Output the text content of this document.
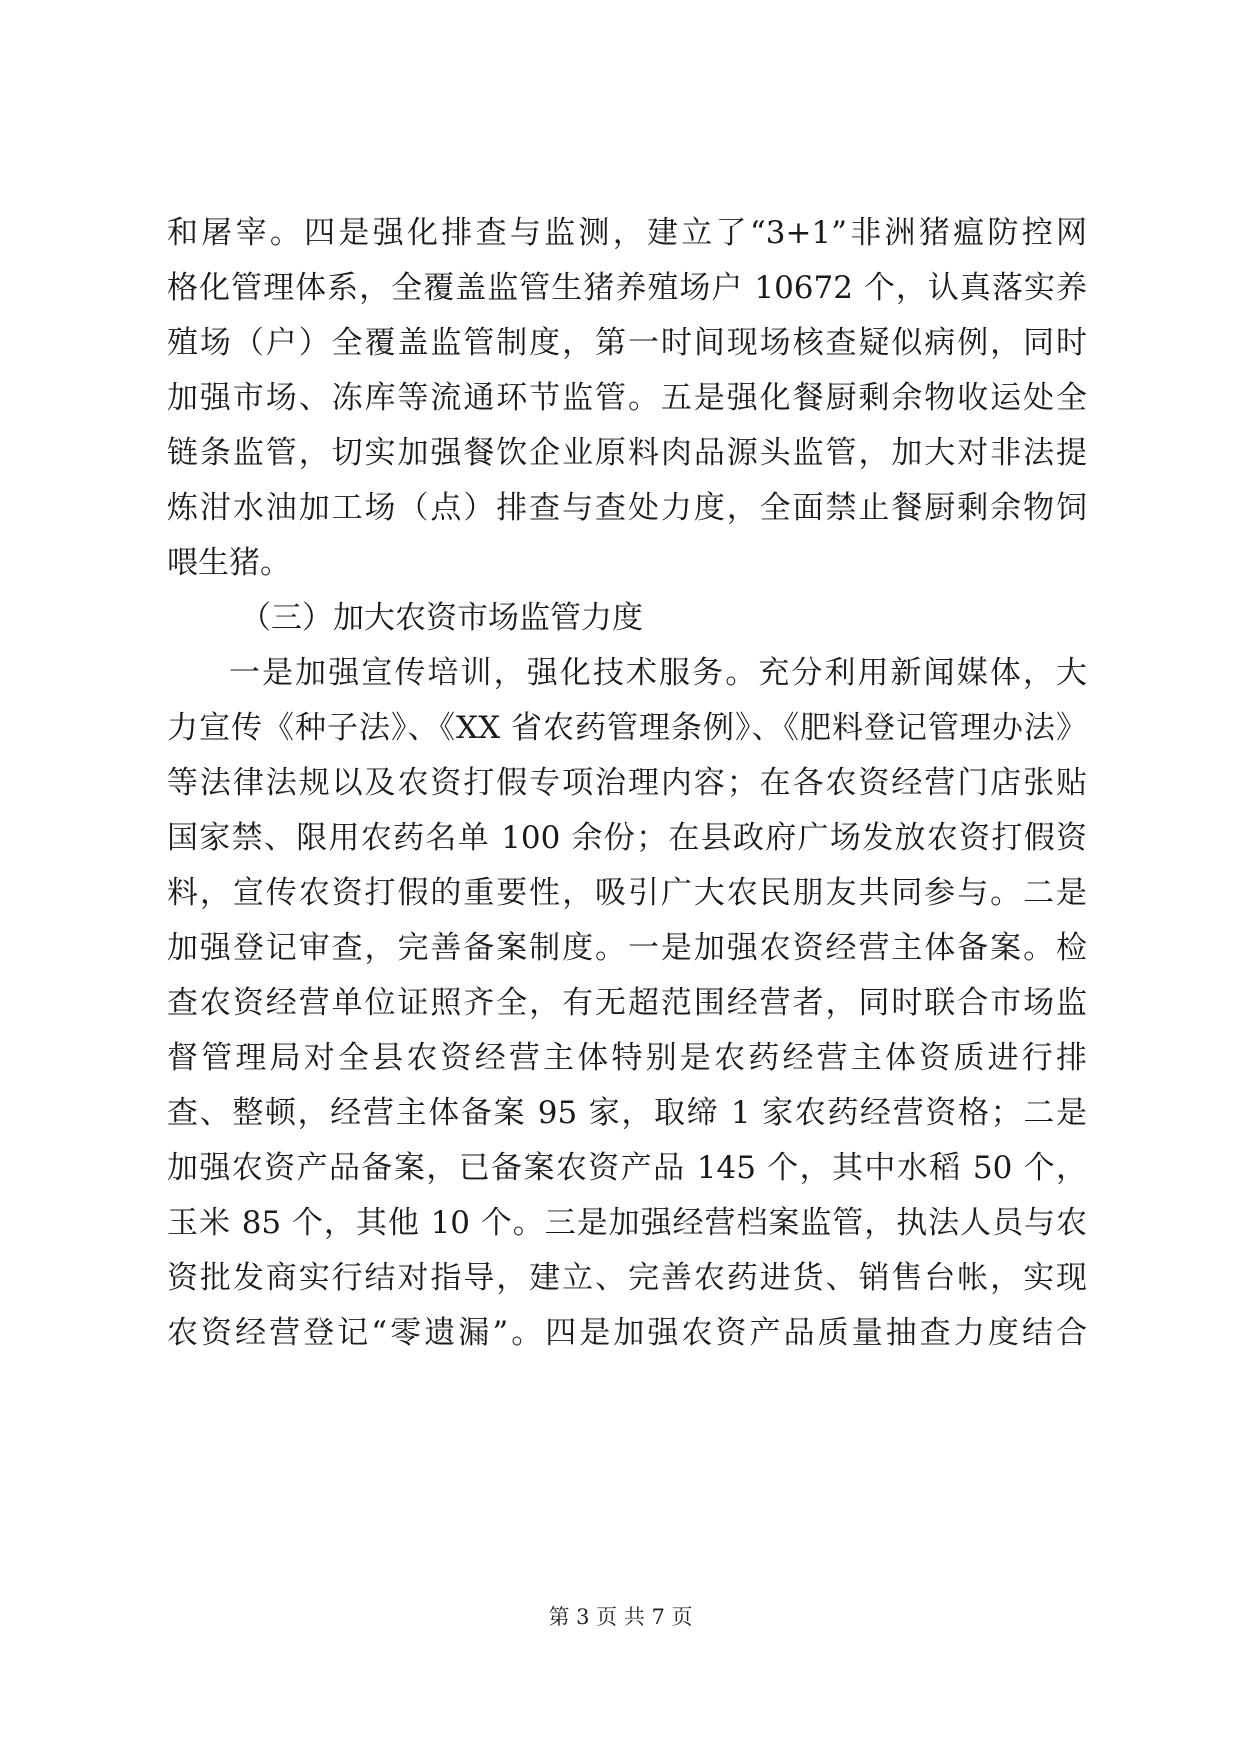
和屠宰。四是强化排查与监测，建立了“3+1”非洲猪瘟防控网
格化管理体系，全覆盖监管生猪养殖场户 10672 个，认真落实养
殖场（户）全覆盖监管制度，第一时间现场核查疑似病例，同时
加强市场、冻库等流通环节监管。五是强化餐厨剩余物收运处全
链条监管，切实加强餐饮企业原料肉品源头监管，加大对非法提
炼泔水油加工场（点）排查与查处力度，全面禁止餐厨剩余物饲
喂生猪。
（三）加大农资市场监管力度
一是加强宣传培训，强化技术服务。充分利用新闻媒体，大
力宣传《种子法》、《XX 省农药管理条例》、《肥料登记管理办法》
等法律法规以及农资打假专项治理内容；在各农资经营门店张贴
国家禁、限用农药名单 100 余份；在县政府广场发放农资打假资
料，宣传农资打假的重要性，吸引广大农民朋友共同参与。二是
加强登记审查，完善备案制度。一是加强农资经营主体备案。检
查农资经营单位证照齐全，有无超范围经营者，同时联合市场监
督管理局对全县农资经营主体特别是农药经营主体资质进行排
查、整顿，经营主体备案 95 家，取缔 1 家农药经营资格；二是
加强农资产品备案，已备案农资产品 145 个，其中水稻 50 个，
玉米 85 个，其他 10 个。三是加强经营档案监管，执法人员与农
资批发商实行结对指导，建立、完善农药进货、销售台帐，实现
农资经营登记“零遗漏”。四是加强农资产品质量抽查力度结合
第 3 页 共 7 页
